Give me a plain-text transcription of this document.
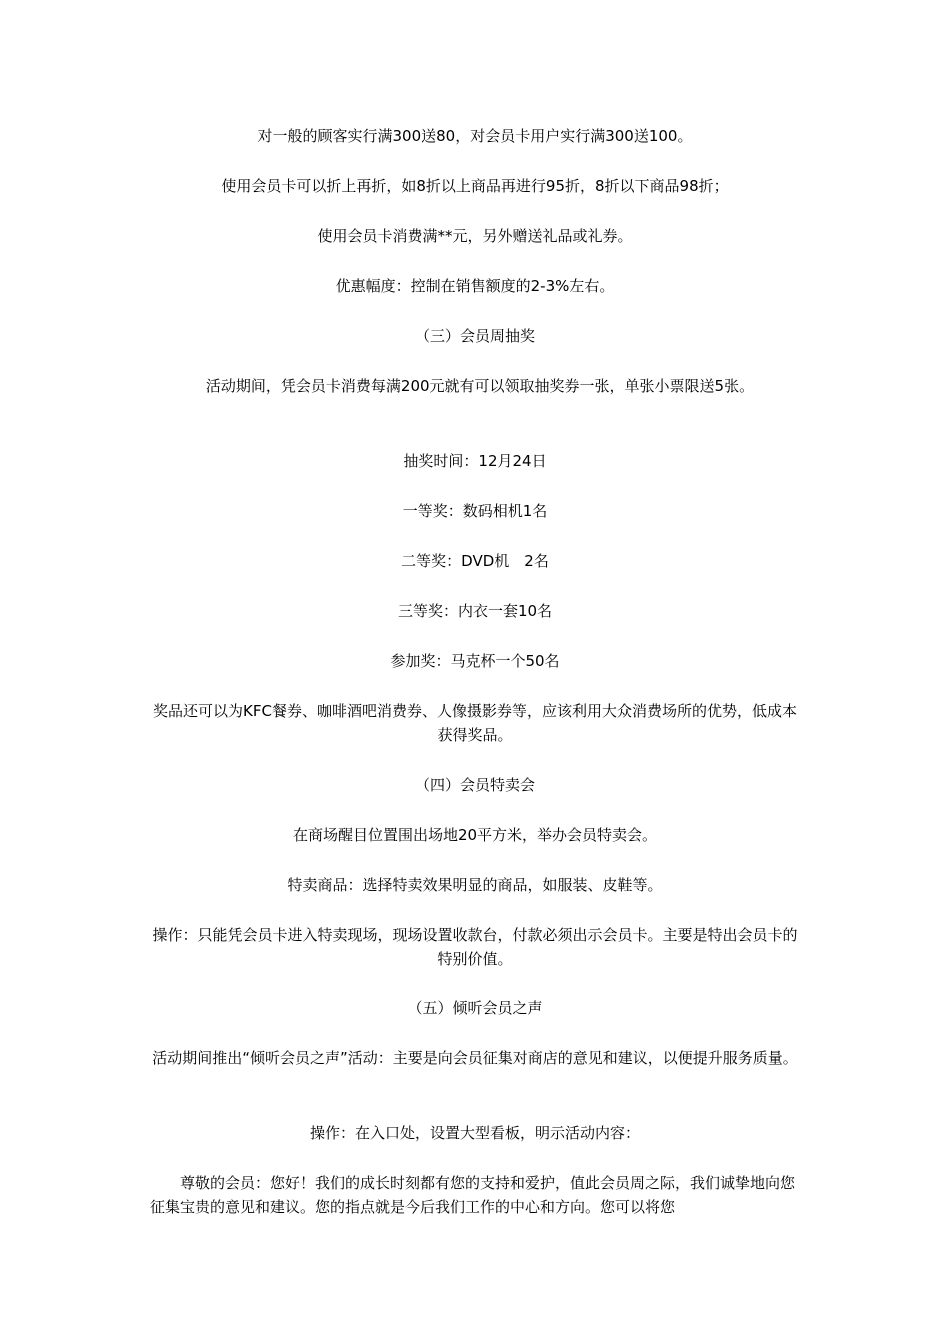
对一般的顾客实行满300送80，对会员卡用户实行满300送100。

使用会员卡可以折上再折，如8折以上商品再进行95折，8折以下商品98折；

使用会员卡消费满**元，另外赠送礼品或礼券。

优惠幅度：控制在销售额度的2-3%左右。

（三）会员周抽奖

活动期间，凭会员卡消费每满200元就有可以领取抽奖券一张，单张小票限送5张。

抽奖时间：12月24日

一等奖：数码相机1名

二等奖：DVD机　2名

三等奖：内衣一套10名

参加奖：马克杯一个50名

奖品还可以为KFC餐券、咖啡酒吧消费券、人像摄影券等，应该利用大众消费场所的优势，低成本获得奖品。

（四）会员特卖会

在商场醒目位置围出场地20平方米，举办会员特卖会。

特卖商品：选择特卖效果明显的商品，如服装、皮鞋等。

操作：只能凭会员卡进入特卖现场，现场设置收款台，付款必须出示会员卡。主要是特出会员卡的特别价值。

（五）倾听会员之声

活动期间推出“倾听会员之声”活动：主要是向会员征集对商店的意见和建议，以便提升服务质量。

操作：在入口处，设置大型看板，明示活动内容：

尊敬的会员：您好！我们的成长时刻都有您的支持和爱护，值此会员周之际，我们诚挚地向您征集宝贵的意见和建议。您的指点就是今后我们工作的中心和方向。您可以将您
